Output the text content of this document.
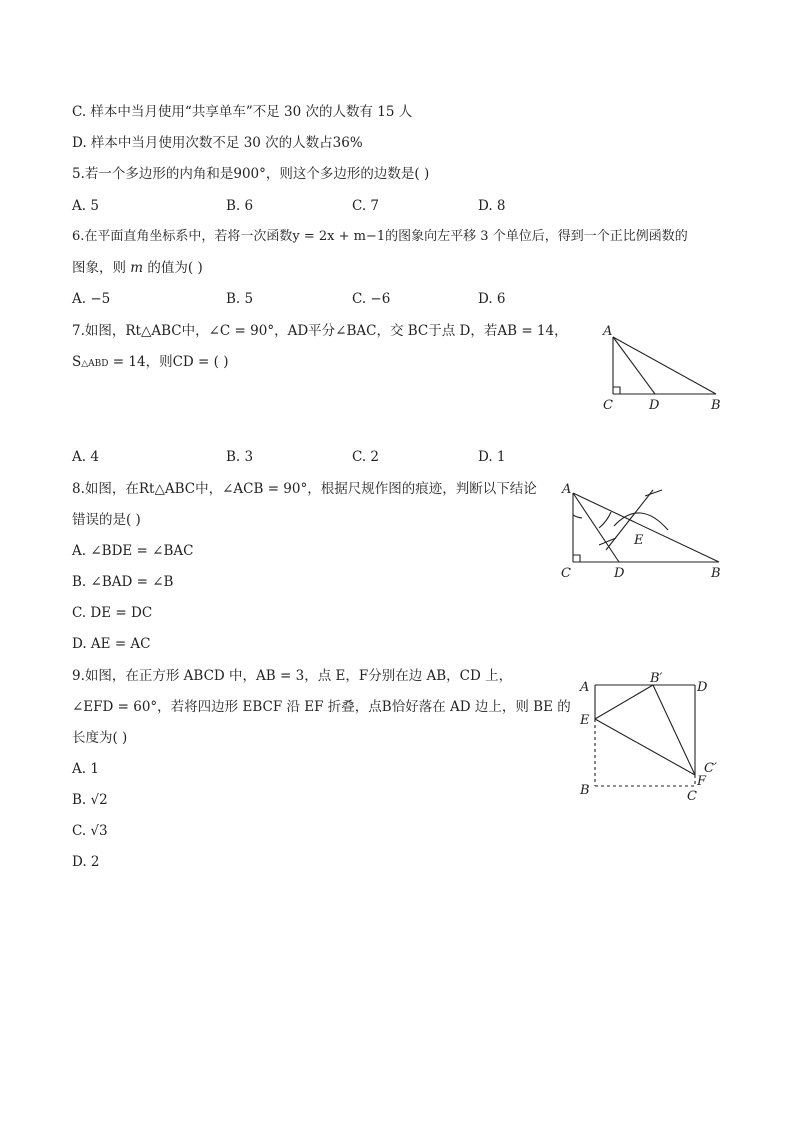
C. 样本中当月使用“共享单车”不足 30 次的人数有 15 人
D. 样本中当月使用次数不足 30 次的人数占36%
5.若一个多边形的内角和是900°，则这个多边形的边数是( )
A. 5	B. 6	C. 7	D. 8
6.在平面直角坐标系中，若将一次函数y = 2x + m−1的图象向左平移 3 个单位后，得到一个正比例函数的
图象，则 m 的值为( )
A. −5	B. 5	C. −6	D. 6
7.如图，Rt△ABC中，∠C = 90°，AD平分∠BAC，交 BC于点 D，若AB = 14，
S△ABD = 14，则CD = ( )
A
C	D	B
A. 4	B. 3	C. 2	D. 1
8.如图，在Rt△ABC中，∠ACB = 90°，根据尺规作图的痕迹，判断以下结论
错误的是( )
A. ∠BDE = ∠BAC
B. ∠BAD = ∠B
C. DE = DC
D. AE = AC
A
C	D	B
E
9.如图，在正方形 ABCD 中，AB = 3，点 E，F分别在边 AB，CD 上，
∠EFD = 60°，若将四边形 EBCF 沿 EF 折叠，点B恰好落在 AD 边上，则 BE 的
长度为( )
A. 1
B. √2
C. √3
D. 2
A
B′
D
E
C′
F
B	C
